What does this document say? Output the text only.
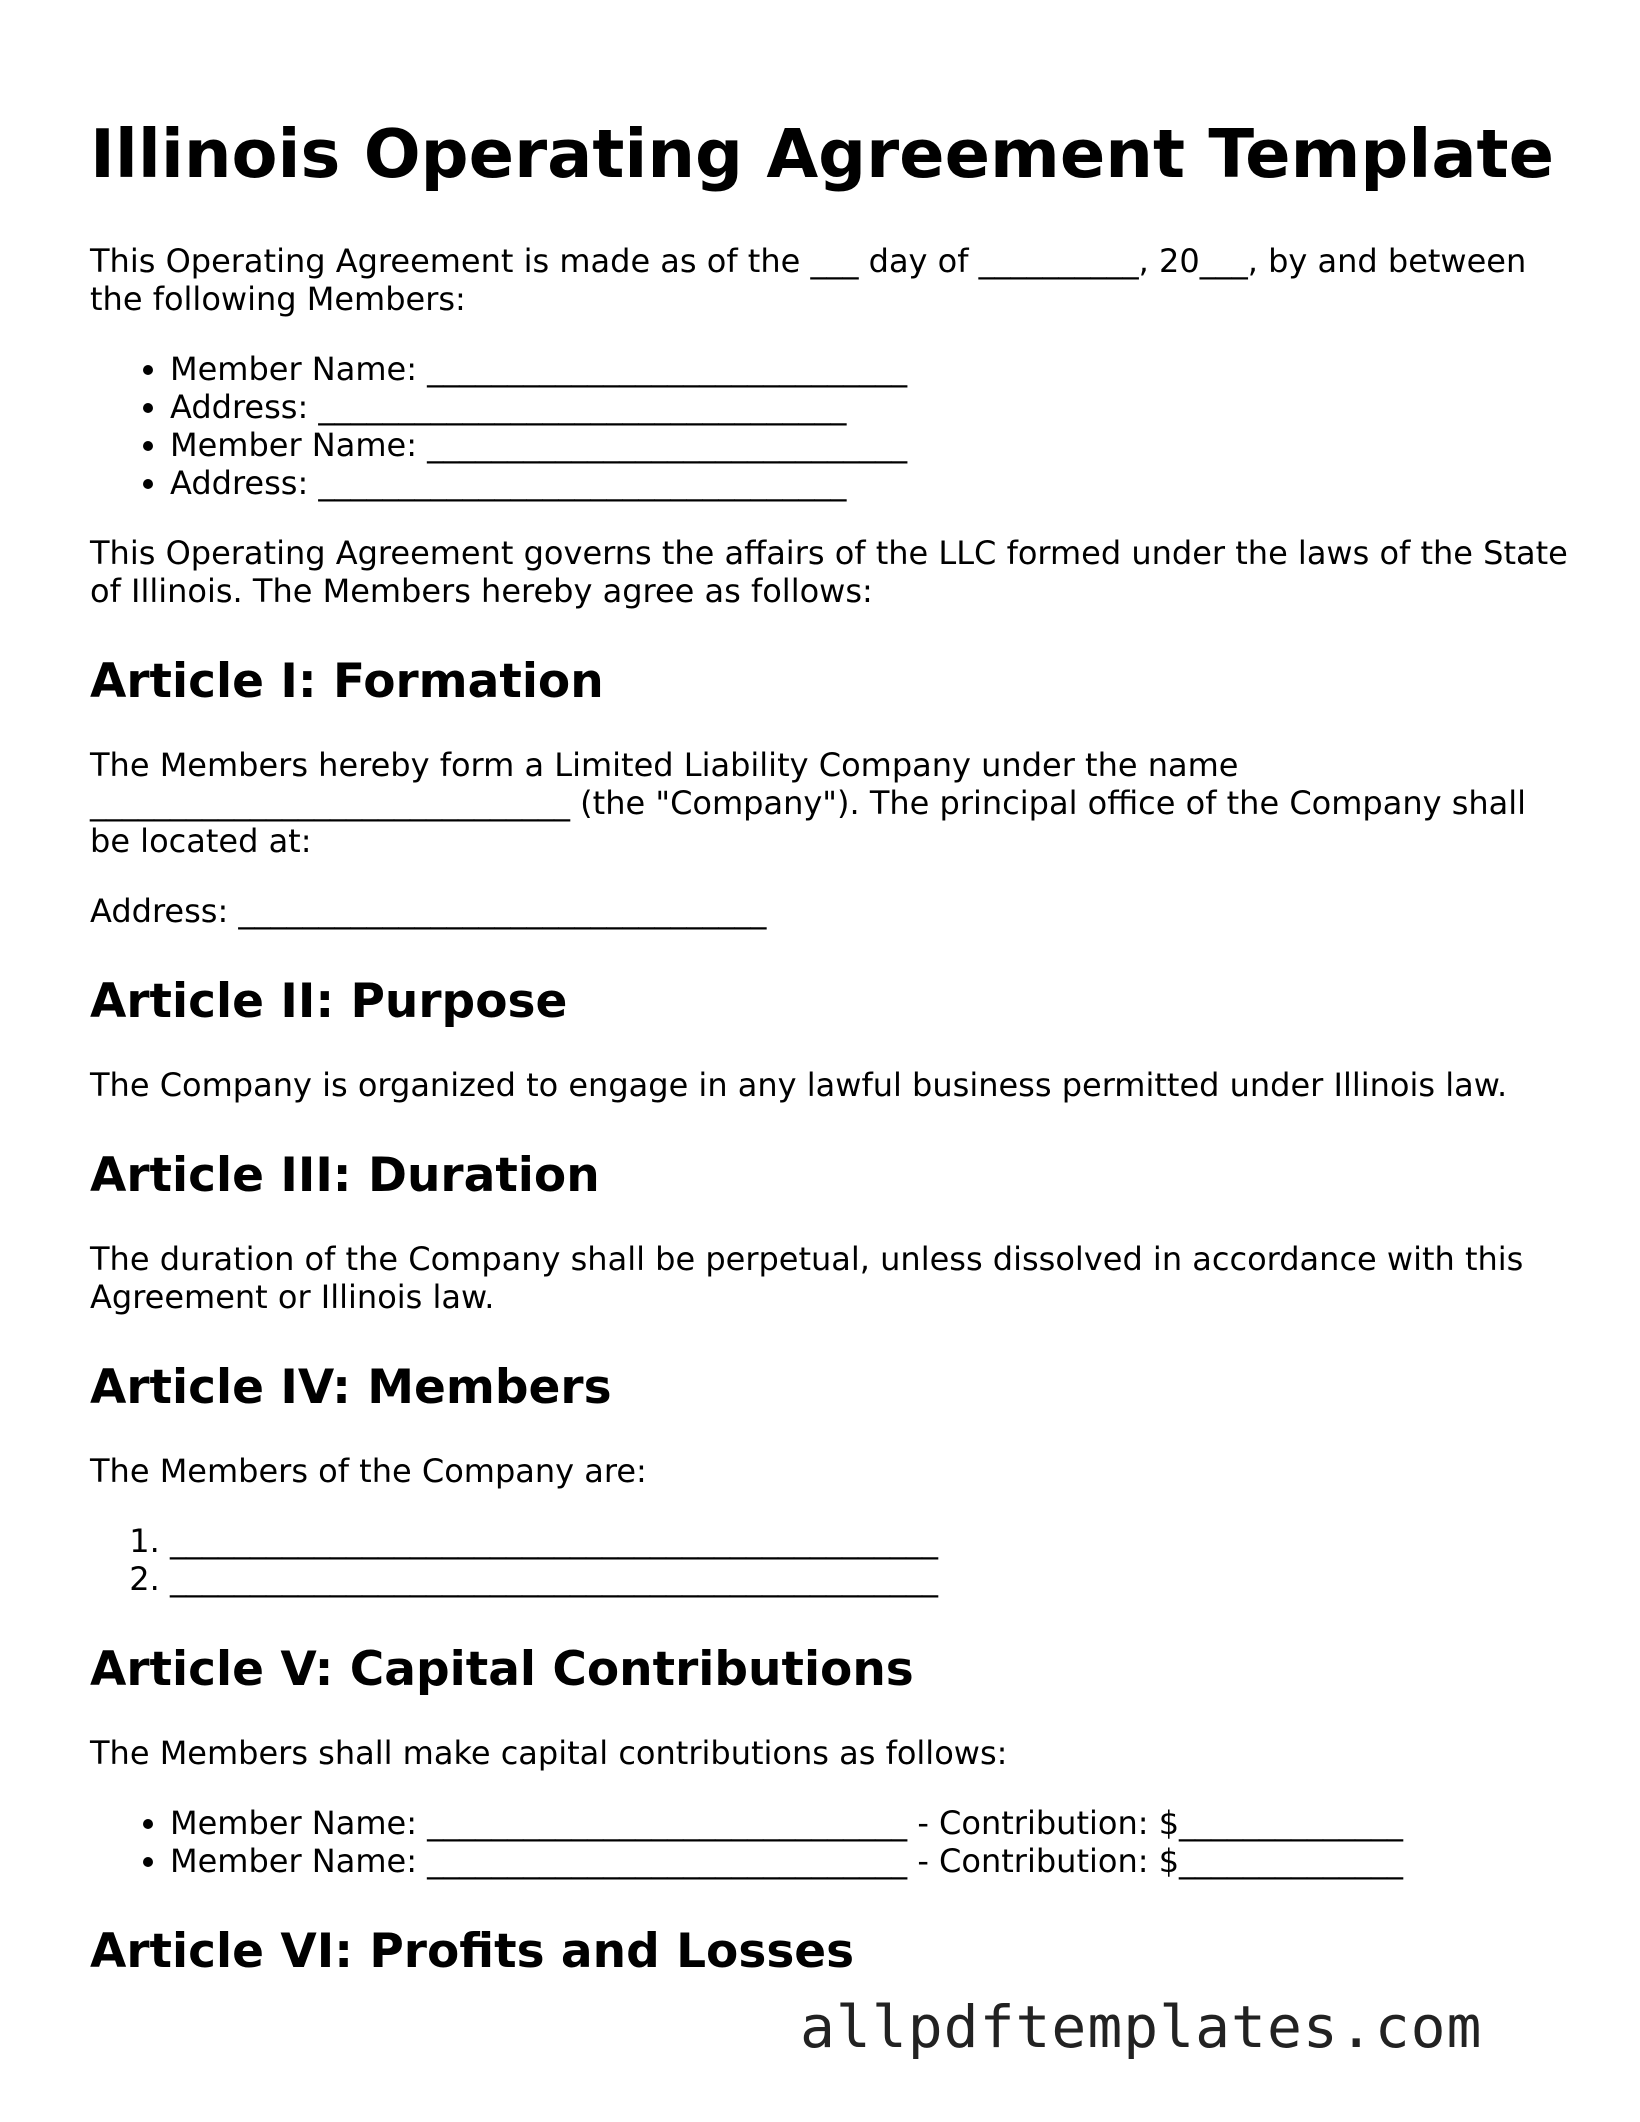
Illinois Operating Agreement Template

This Operating Agreement is made as of the ___ day of __________, 20___, by and between the following Members:

• Member Name: ______________________________
• Address: _________________________________
• Member Name: ______________________________
• Address: _________________________________

This Operating Agreement governs the affairs of the LLC formed under the laws of the State of Illinois. The Members hereby agree as follows:

Article I: Formation

The Members hereby form a Limited Liability Company under the name ______________________________ (the "Company"). The principal office of the Company shall be located at:

Address: _________________________________

Article II: Purpose

The Company is organized to engage in any lawful business permitted under Illinois law.

Article III: Duration

The duration of the Company shall be perpetual, unless dissolved in accordance with this Agreement or Illinois law.

Article IV: Members

The Members of the Company are:

1. ________________________________________________
2. ________________________________________________
Article V: Capital Contributions

The Members shall make capital contributions as follows:

• Member Name: ______________________________ - Contribution: $______________
• Member Name: ______________________________ - Contribution: $______________
Article VI: Profits and Losses
allpdftemplates.com
